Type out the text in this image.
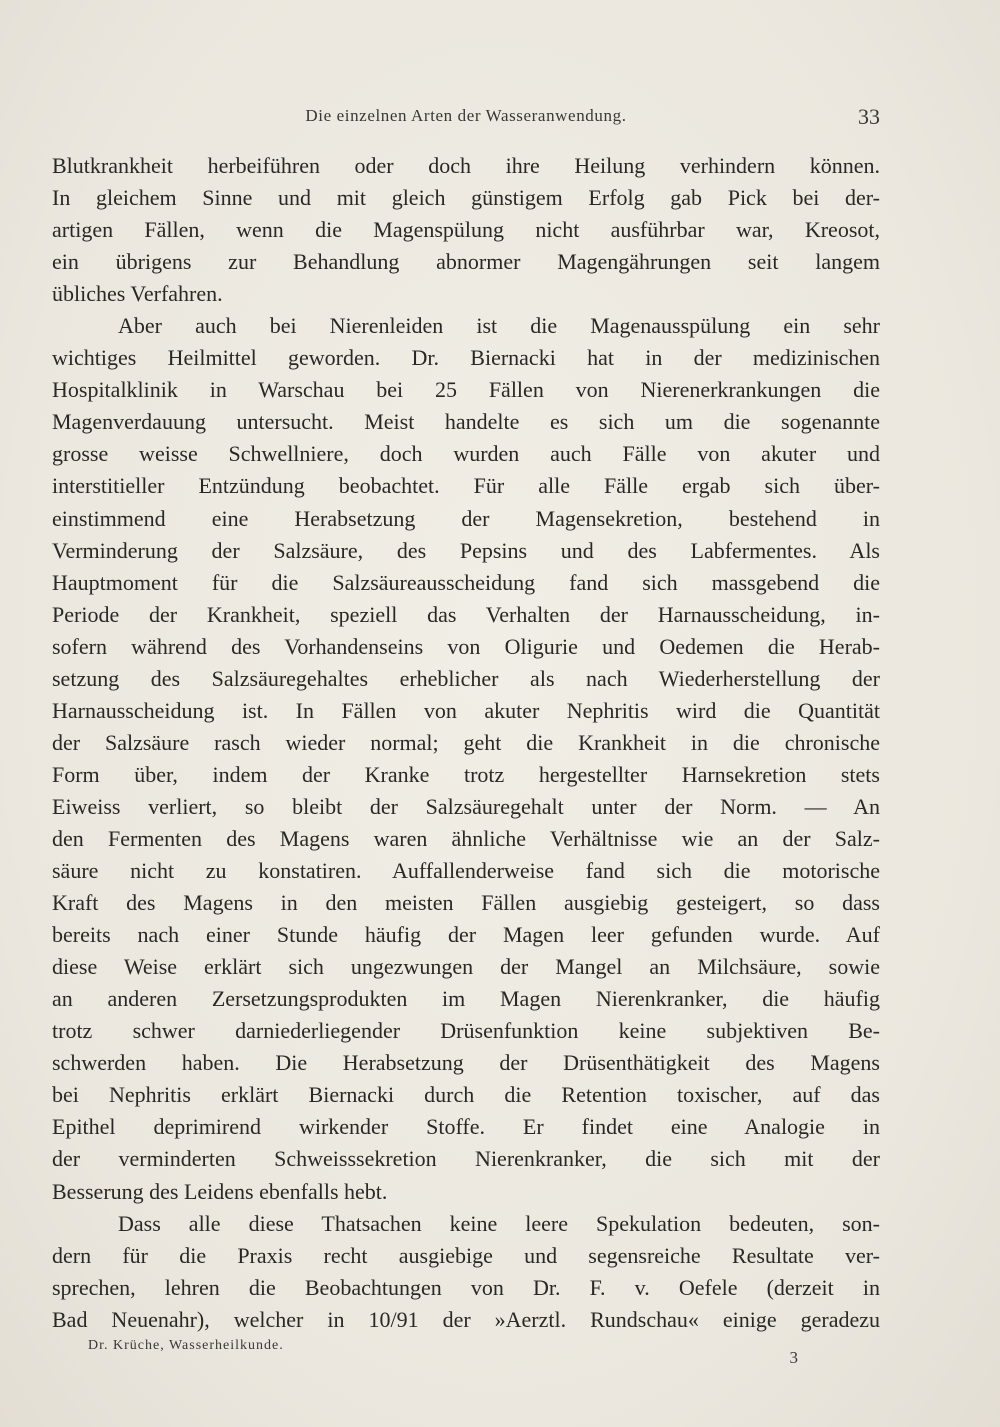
Die einzelnen Arten der Wasseranwendung.	33
Blutkrankheit herbeiführen oder doch ihre Heilung verhindern können.
In gleichem Sinne und mit gleich günstigem Erfolg gab Pick bei der-
artigen Fällen, wenn die Magenspülung nicht ausführbar war, Kreosot,
ein übrigens zur Behandlung abnormer Magengährungen seit langem
übliches Verfahren.
Aber auch bei Nierenleiden ist die Magenausspülung ein sehr
wichtiges Heilmittel geworden. Dr. Biernacki hat in der medizinischen
Hospitalklinik in Warschau bei 25 Fällen von Nierenerkrankungen die
Magenverdauung untersucht. Meist handelte es sich um die sogenannte
grosse weisse Schwellniere, doch wurden auch Fälle von akuter und
interstitieller Entzündung beobachtet. Für alle Fälle ergab sich über-
einstimmend eine Herabsetzung der Magensekretion, bestehend in
Verminderung der Salzsäure, des Pepsins und des Labfermentes. Als
Hauptmoment für die Salzsäureausscheidung fand sich massgebend die
Periode der Krankheit, speziell das Verhalten der Harnausscheidung, in-
sofern während des Vorhandenseins von Oligurie und Oedemen die Herab-
setzung des Salzsäuregehaltes erheblicher als nach Wiederherstellung der
Harnausscheidung ist. In Fällen von akuter Nephritis wird die Quantität
der Salzsäure rasch wieder normal; geht die Krankheit in die chronische
Form über, indem der Kranke trotz hergestellter Harnsekretion stets
Eiweiss verliert, so bleibt der Salzsäuregehalt unter der Norm. — An
den Fermenten des Magens waren ähnliche Verhältnisse wie an der Salz-
säure nicht zu konstatiren. Auffallenderweise fand sich die motorische
Kraft des Magens in den meisten Fällen ausgiebig gesteigert, so dass
bereits nach einer Stunde häufig der Magen leer gefunden wurde. Auf
diese Weise erklärt sich ungezwungen der Mangel an Milchsäure, sowie
an anderen Zersetzungsprodukten im Magen Nierenkranker, die häufig
trotz schwer darniederliegender Drüsenfunktion keine subjektiven Be-
schwerden haben. Die Herabsetzung der Drüsenthätigkeit des Magens
bei Nephritis erklärt Biernacki durch die Retention toxischer, auf das
Epithel deprimirend wirkender Stoffe. Er findet eine Analogie in
der verminderten Schweisssekretion Nierenkranker, die sich mit der
Besserung des Leidens ebenfalls hebt.
Dass alle diese Thatsachen keine leere Spekulation bedeuten, son-
dern für die Praxis recht ausgiebige und segensreiche Resultate ver-
sprechen, lehren die Beobachtungen von Dr. F. v. Oefele (derzeit in
Bad Neuenahr), welcher in 10/91 der »Aerztl. Rundschau« einige geradezu
Dr. Krüche, Wasserheilkunde.
3
